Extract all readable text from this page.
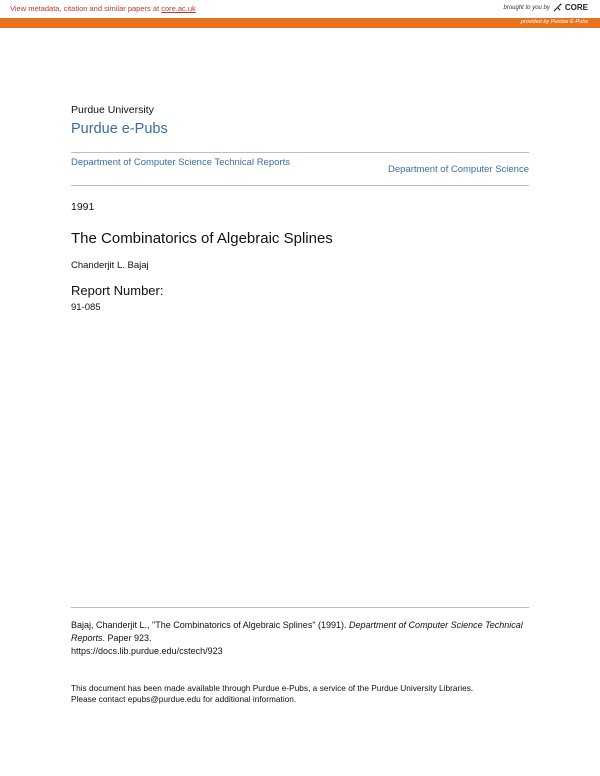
View metadata, citation and similar papers at core.ac.uk	brought to you by CORE
provided by Purdue E-Pubs
Purdue University
Purdue e-Pubs
Department of Computer Science Technical Reports
Department of Computer Science
1991
The Combinatorics of Algebraic Splines
Chanderjit L. Bajaj
Report Number:
91-085
Bajaj, Chanderjit L., "The Combinatorics of Algebraic Splines" (1991). Department of Computer Science Technical Reports. Paper 923.
https://docs.lib.purdue.edu/cstech/923
This document has been made available through Purdue e-Pubs, a service of the Purdue University Libraries.
Please contact epubs@purdue.edu for additional information.
